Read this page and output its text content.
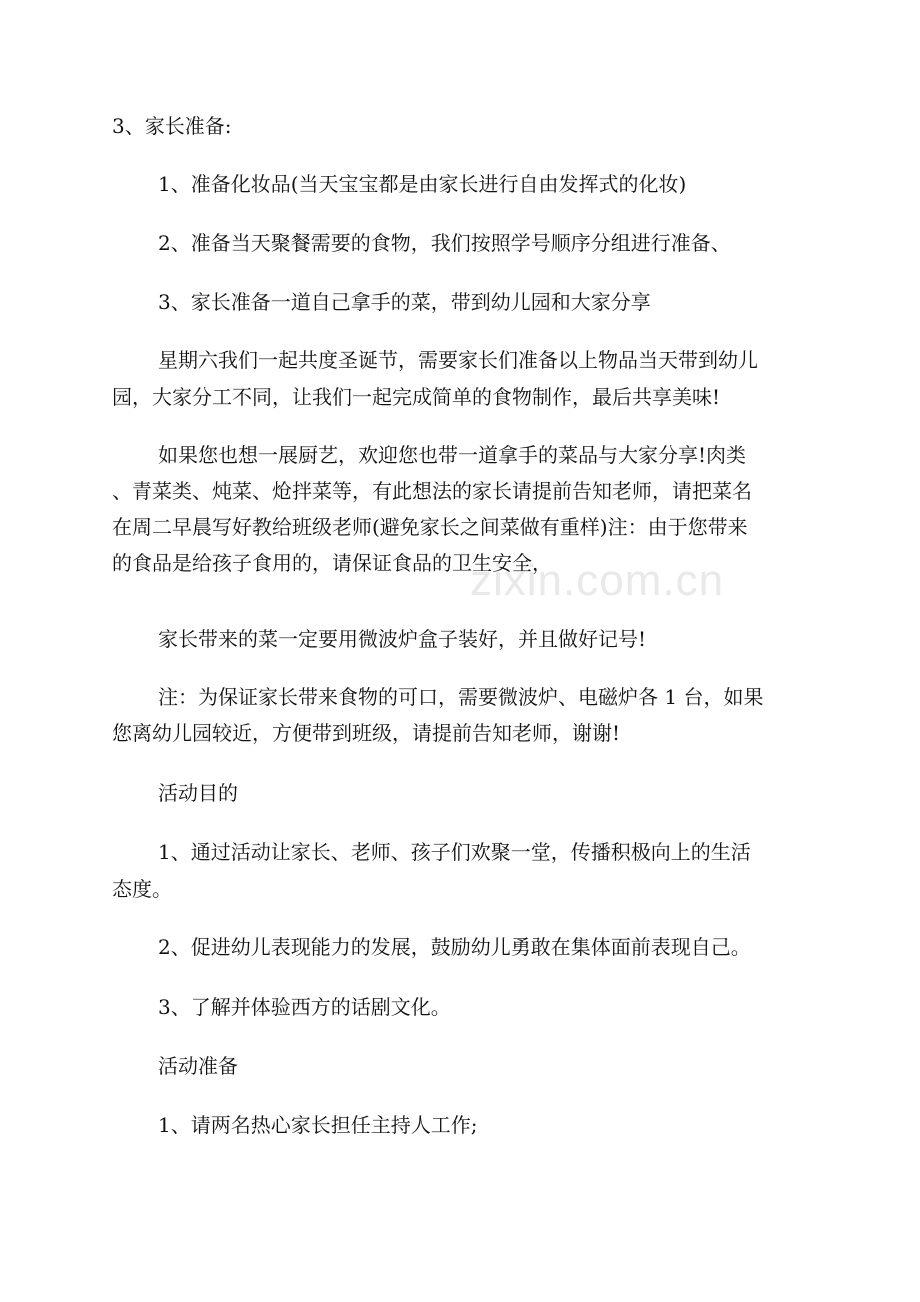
3、家长准备:
1、准备化妆品(当天宝宝都是由家长进行自由发挥式的化妆)
2、准备当天聚餐需要的食物，我们按照学号顺序分组进行准备、
3、家长准备一道自己拿手的菜，带到幼儿园和大家分享
星期六我们一起共度圣诞节，需要家长们准备以上物品当天带到幼儿
园，大家分工不同，让我们一起完成简单的食物制作，最后共享美味!
如果您也想一展厨艺，欢迎您也带一道拿手的菜品与大家分享!肉类
、青菜类、炖菜、炝拌菜等，有此想法的家长请提前告知老师，请把菜名
在周二早晨写好教给班级老师(避免家长之间菜做有重样)注：由于您带来
的食品是给孩子食用的，请保证食品的卫生安全，
zixin.com.cn
家长带来的菜一定要用微波炉盒子装好，并且做好记号!
注：为保证家长带来食物的可口，需要微波炉、电磁炉各 1 台，如果
您离幼儿园较近，方便带到班级，请提前告知老师，谢谢!
活动目的
1、通过活动让家长、老师、孩子们欢聚一堂，传播积极向上的生活
态度。
2、促进幼儿表现能力的发展，鼓励幼儿勇敢在集体面前表现自己。
3、了解并体验西方的话剧文化。
活动准备
1、请两名热心家长担任主持人工作;
